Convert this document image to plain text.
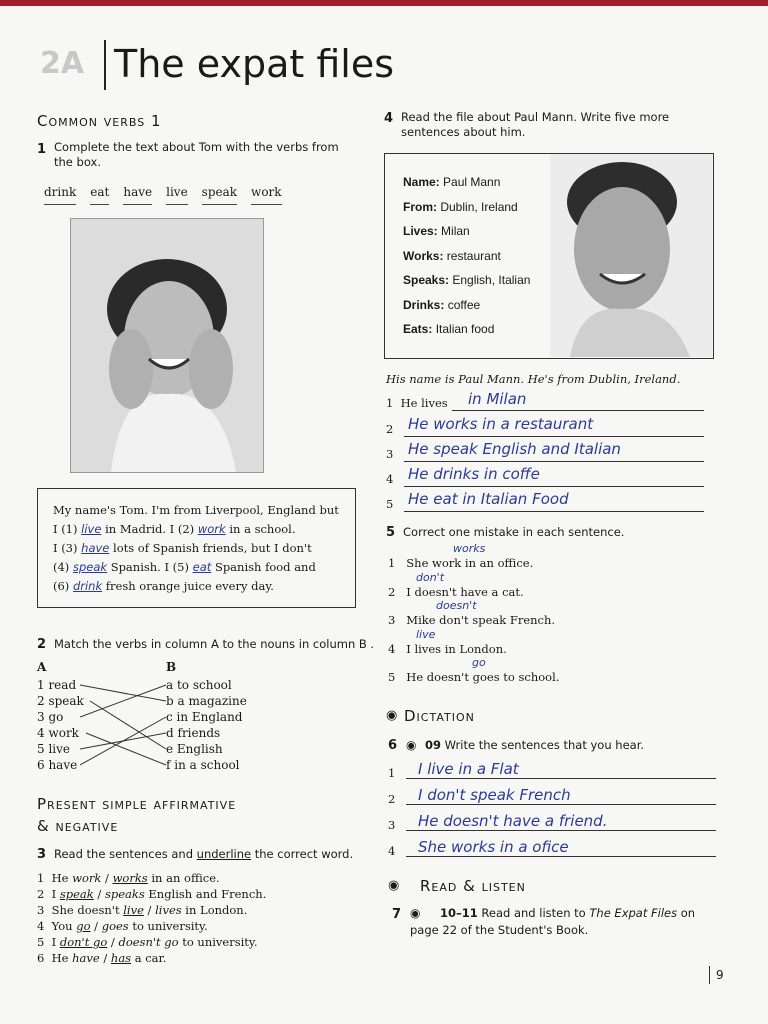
2A The expat files
Common verbs 1
1 Complete the text about Tom with the verbs from the box.
drink eat have live speak work
My name's Tom. I'm from Liverpool, England but
I (1) live in Madrid. I (2) work in a school.
I (3) have lots of Spanish friends, but I don't
(4) speak Spanish. I (5) eat Spanish food and
(6) drink fresh orange juice every day.
2 Match the verbs in column A to the nouns in column B .
A	B
1 read
2 speak
3 go
4 work
5 live
6 have
a to school
b a magazine
c in England
d friends
e English
f in a school
Present simple affirmative
& negative
3 Read the sentences and underline the correct word.
1 He work / works in an office.
2 I speak / speaks English and French.
3 She doesn't live / lives in London.
4 You go / goes to university.
5 I don't go / doesn't go to university.
6 He have / has a car.
4 Read the file about Paul Mann. Write five more sentences about him.
Name: Paul Mann
From: Dublin, Ireland
Lives: Milan
Works: restaurant
Speaks: English, Italian
Drinks: coffee
Eats: Italian food
His name is Paul Mann. He's from Dublin, Ireland.
1 He lives in Milan
2 He works in a restaurant
3 He speak English and Italian
4 He drinks in coffe
5 He eat in Italian Food
5 Correct one mistake in each sentence.
works
1 She work in an office.
don't
2 I doesn't have a cat.
doesn't
3 Mike don't speak French.
live
4 I lives in London.
go
5 He doesn't goes to school.
◉ Dictation
6 ◉ 09 Write the sentences that you hear.
1 I live in a Flat
2 I don't speak French
3 He doesn't have a friend.
4 She works in a ofice
◉ Read & listen
7 ◉ 10–11 Read and listen to The Expat Files on
page 22 of the Student's Book.
9
